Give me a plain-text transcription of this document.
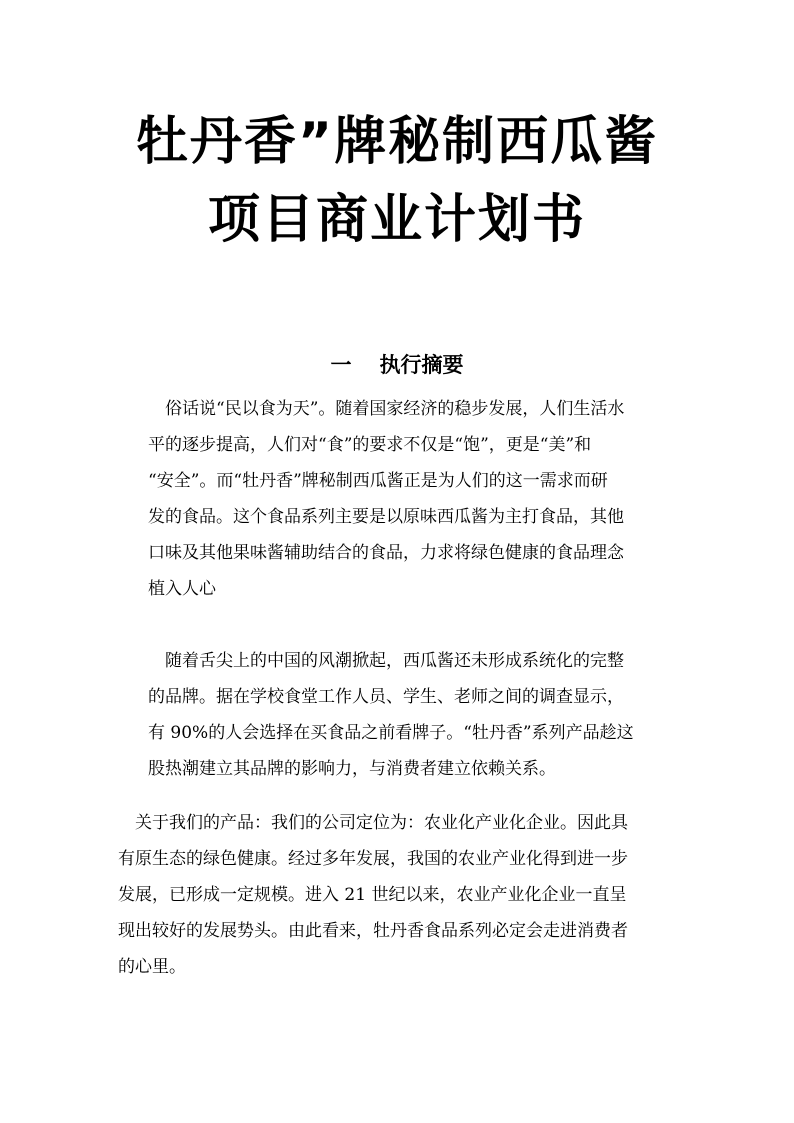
牡丹香”牌秘制西瓜酱
项目商业计划书
一 执行摘要
　俗话说“民以食为天”。随着国家经济的稳步发展，人们生活水
平的逐步提高，人们对“食”的要求不仅是“饱”，更是“美”和
“安全”。而“牡丹香”牌秘制西瓜酱正是为人们的这一需求而研
发的食品。这个食品系列主要是以原味西瓜酱为主打食品，其他
口味及其他果味酱辅助结合的食品，力求将绿色健康的食品理念
植入人心
　随着舌尖上的中国的风潮掀起，西瓜酱还未形成系统化的完整
的品牌。据在学校食堂工作人员、学生、老师之间的调查显示，
有 90%的人会选择在买食品之前看牌子。“牡丹香”系列产品趁这
股热潮建立其品牌的影响力，与消费者建立依赖关系。
　关于我们的产品：我们的公司定位为：农业化产业化企业。因此具
有原生态的绿色健康。经过多年发展，我国的农业产业化得到进一步
发展，已形成一定规模。进入 21 世纪以来，农业产业化企业一直呈
现出较好的发展势头。由此看来，牡丹香食品系列必定会走进消费者
的心里。
